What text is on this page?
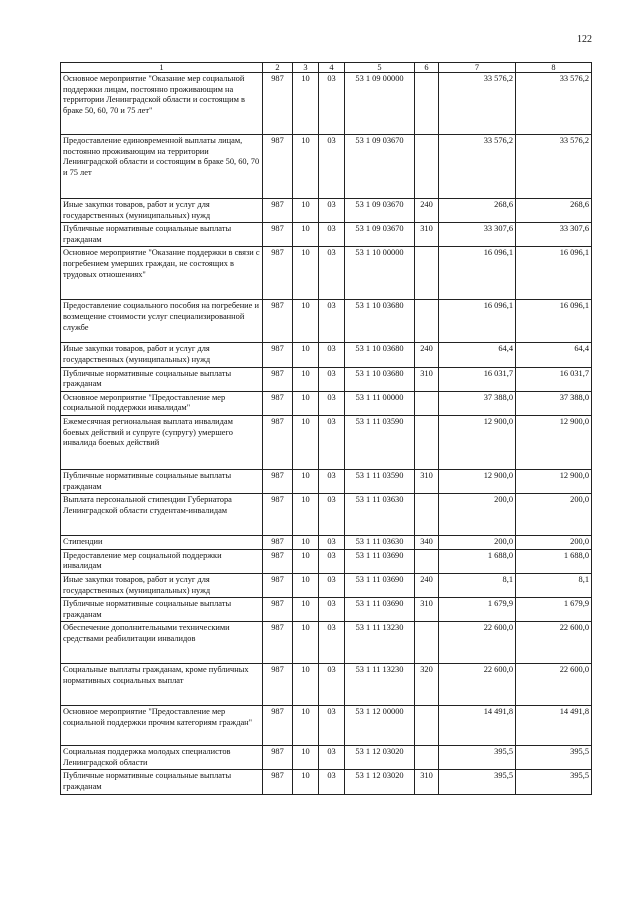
122
1	2	3	4	5	6	7	8
Основное мероприятие "Оказание мер социальной поддержки лицам, постоянно проживающим на территории Ленинградской области и состоящим в браке 50, 60, 70 и 75 лет"	987	10	03	53 1 09 00000		33 576,2	33 576,2
Предоставление единовременной выплаты лицам, постоянно проживающим на территории Ленинградской области и состоящим в браке 50, 60, 70 и 75 лет	987	10	03	53 1 09 03670		33 576,2	33 576,2
Иные закупки товаров, работ и услуг для государственных (муниципальных) нужд	987	10	03	53 1 09 03670	240	268,6	268,6
Публичные нормативные социальные выплаты гражданам	987	10	03	53 1 09 03670	310	33 307,6	33 307,6
Основное мероприятие "Оказание поддержки в связи с погребением умерших граждан, не состоящих в трудовых отношениях"	987	10	03	53 1 10 00000		16 096,1	16 096,1
Предоставление социального пособия на погребение и возмещение стоимости услуг специализированной службе	987	10	03	53 1 10 03680		16 096,1	16 096,1
Иные закупки товаров, работ и услуг для государственных (муниципальных) нужд	987	10	03	53 1 10 03680	240	64,4	64,4
Публичные нормативные социальные выплаты гражданам	987	10	03	53 1 10 03680	310	16 031,7	16 031,7
Основное мероприятие "Предоставление мер социальной поддержки инвалидам"	987	10	03	53 1 11 00000		37 388,0	37 388,0
Ежемесячная региональная выплата инвалидам боевых действий и супруге (супругу) умершего инвалида боевых действий	987	10	03	53 1 11 03590		12 900,0	12 900,0
Публичные нормативные социальные выплаты гражданам	987	10	03	53 1 11 03590	310	12 900,0	12 900,0
Выплата персональной стипендии Губернатора Ленинградской области студентам-инвалидам	987	10	03	53 1 11 03630		200,0	200,0
Стипендии	987	10	03	53 1 11 03630	340	200,0	200,0
Предоставление мер социальной поддержки инвалидам	987	10	03	53 1 11 03690		1 688,0	1 688,0
Иные закупки товаров, работ и услуг для государственных (муниципальных) нужд	987	10	03	53 1 11 03690	240	8,1	8,1
Публичные нормативные социальные выплаты гражданам	987	10	03	53 1 11 03690	310	1 679,9	1 679,9
Обеспечение дополнительными техническими средствами реабилитации инвалидов	987	10	03	53 1 11 13230		22 600,0	22 600,0
Социальные выплаты гражданам, кроме публичных нормативных социальных выплат	987	10	03	53 1 11 13230	320	22 600,0	22 600,0
Основное мероприятие "Предоставление мер социальной поддержки прочим категориям граждан"	987	10	03	53 1 12 00000		14 491,8	14 491,8
Социальная поддержка молодых специалистов Ленинградской области	987	10	03	53 1 12 03020		395,5	395,5
Публичные нормативные социальные выплаты гражданам	987	10	03	53 1 12 03020	310	395,5	395,5
